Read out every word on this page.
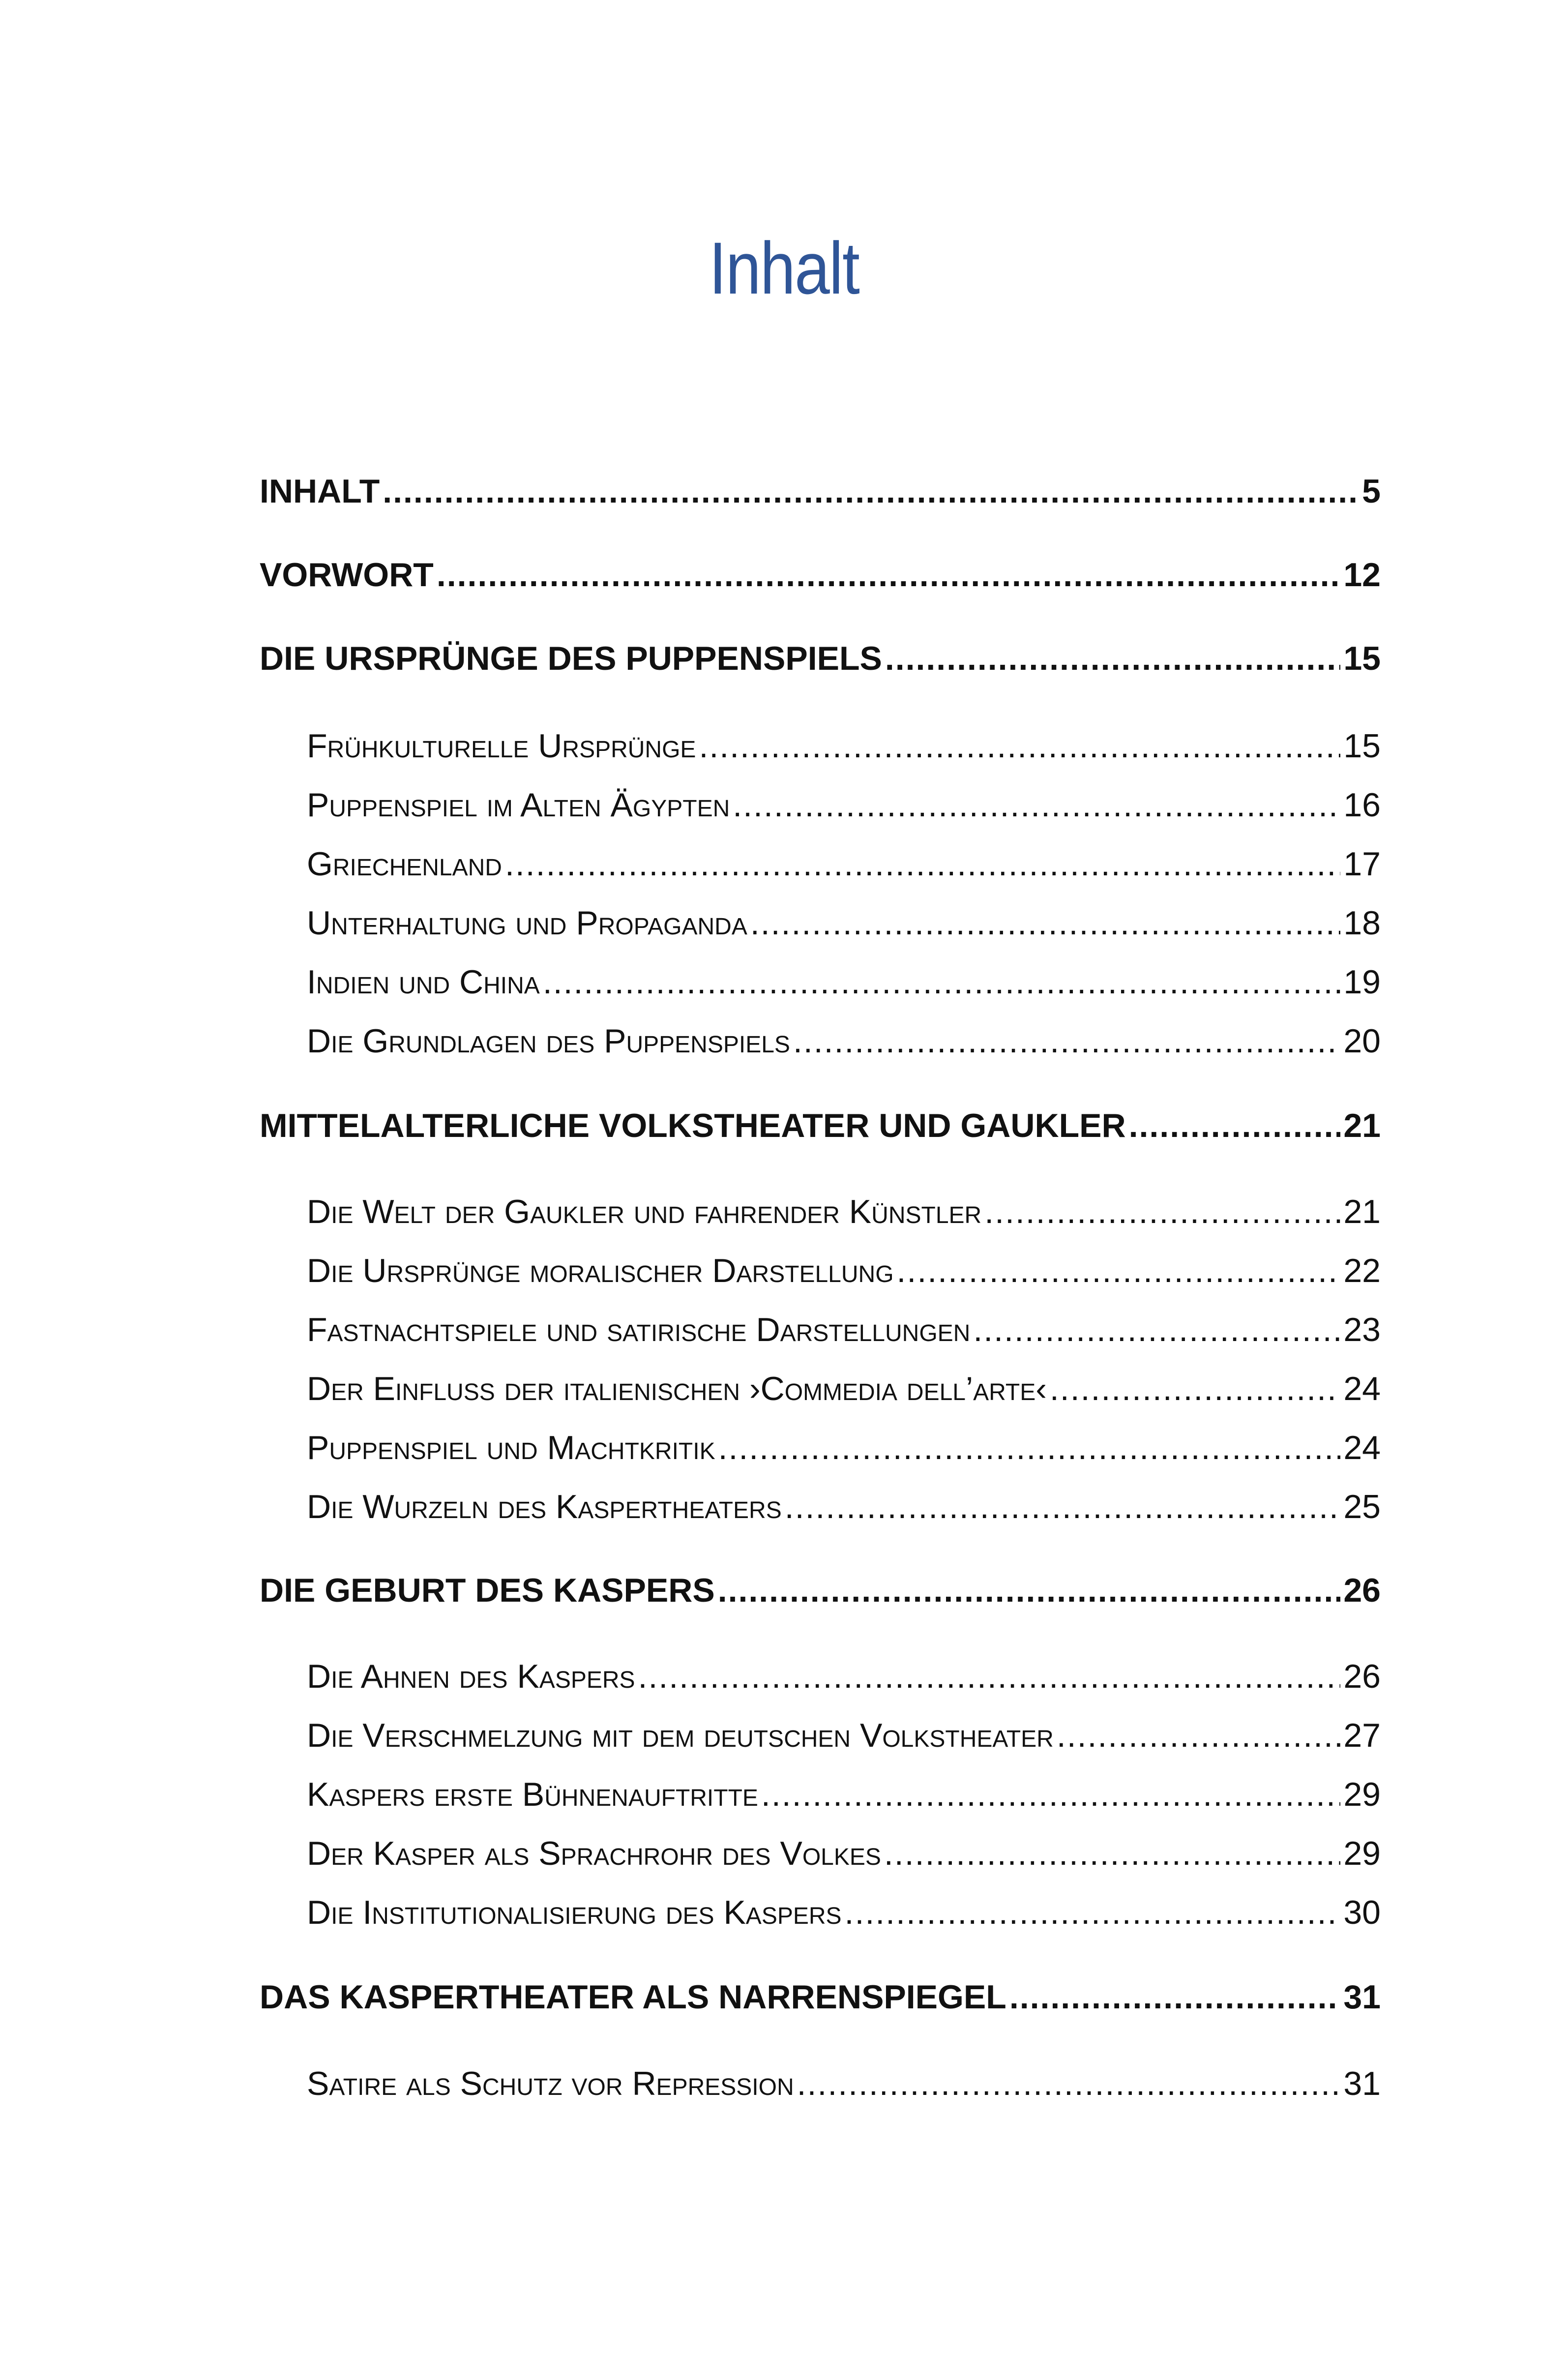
Inhalt
INHALT .....	5
VORWORT .....	12
DIE URSPRÜNGE DES PUPPENSPIELS .....	15
Frühkulturelle Ursprünge .....	15
Puppenspiel im Alten Ägypten .....	16
Griechenland .....	17
Unterhaltung und Propaganda .....	18
Indien und China .....	19
Die Grundlagen des Puppenspiels .....	20
MITTELALTERLICHE VOLKSTHEATER UND GAUKLER .....	21
Die Welt der Gaukler und fahrender Künstler .....	21
Die Ursprünge moralischer Darstellung .....	22
Fastnachtspiele und satirische Darstellungen .....	23
Der Einfluss der italienischen ›Commedia dell’arte‹ .....	24
Puppenspiel und Machtkritik .....	24
Die Wurzeln des Kaspertheaters .....	25
DIE GEBURT DES KASPERS .....	26
Die Ahnen des Kaspers .....	26
Die Verschmelzung mit dem deutschen Volkstheater .....	27
Kaspers erste Bühnenauftritte .....	29
Der Kasper als Sprachrohr des Volkes .....	29
Die Institutionalisierung des Kaspers .....	30
DAS KASPERTHEATER ALS NARRENSPIEGEL .....	31
Satire als Schutz vor Repression .....	31
